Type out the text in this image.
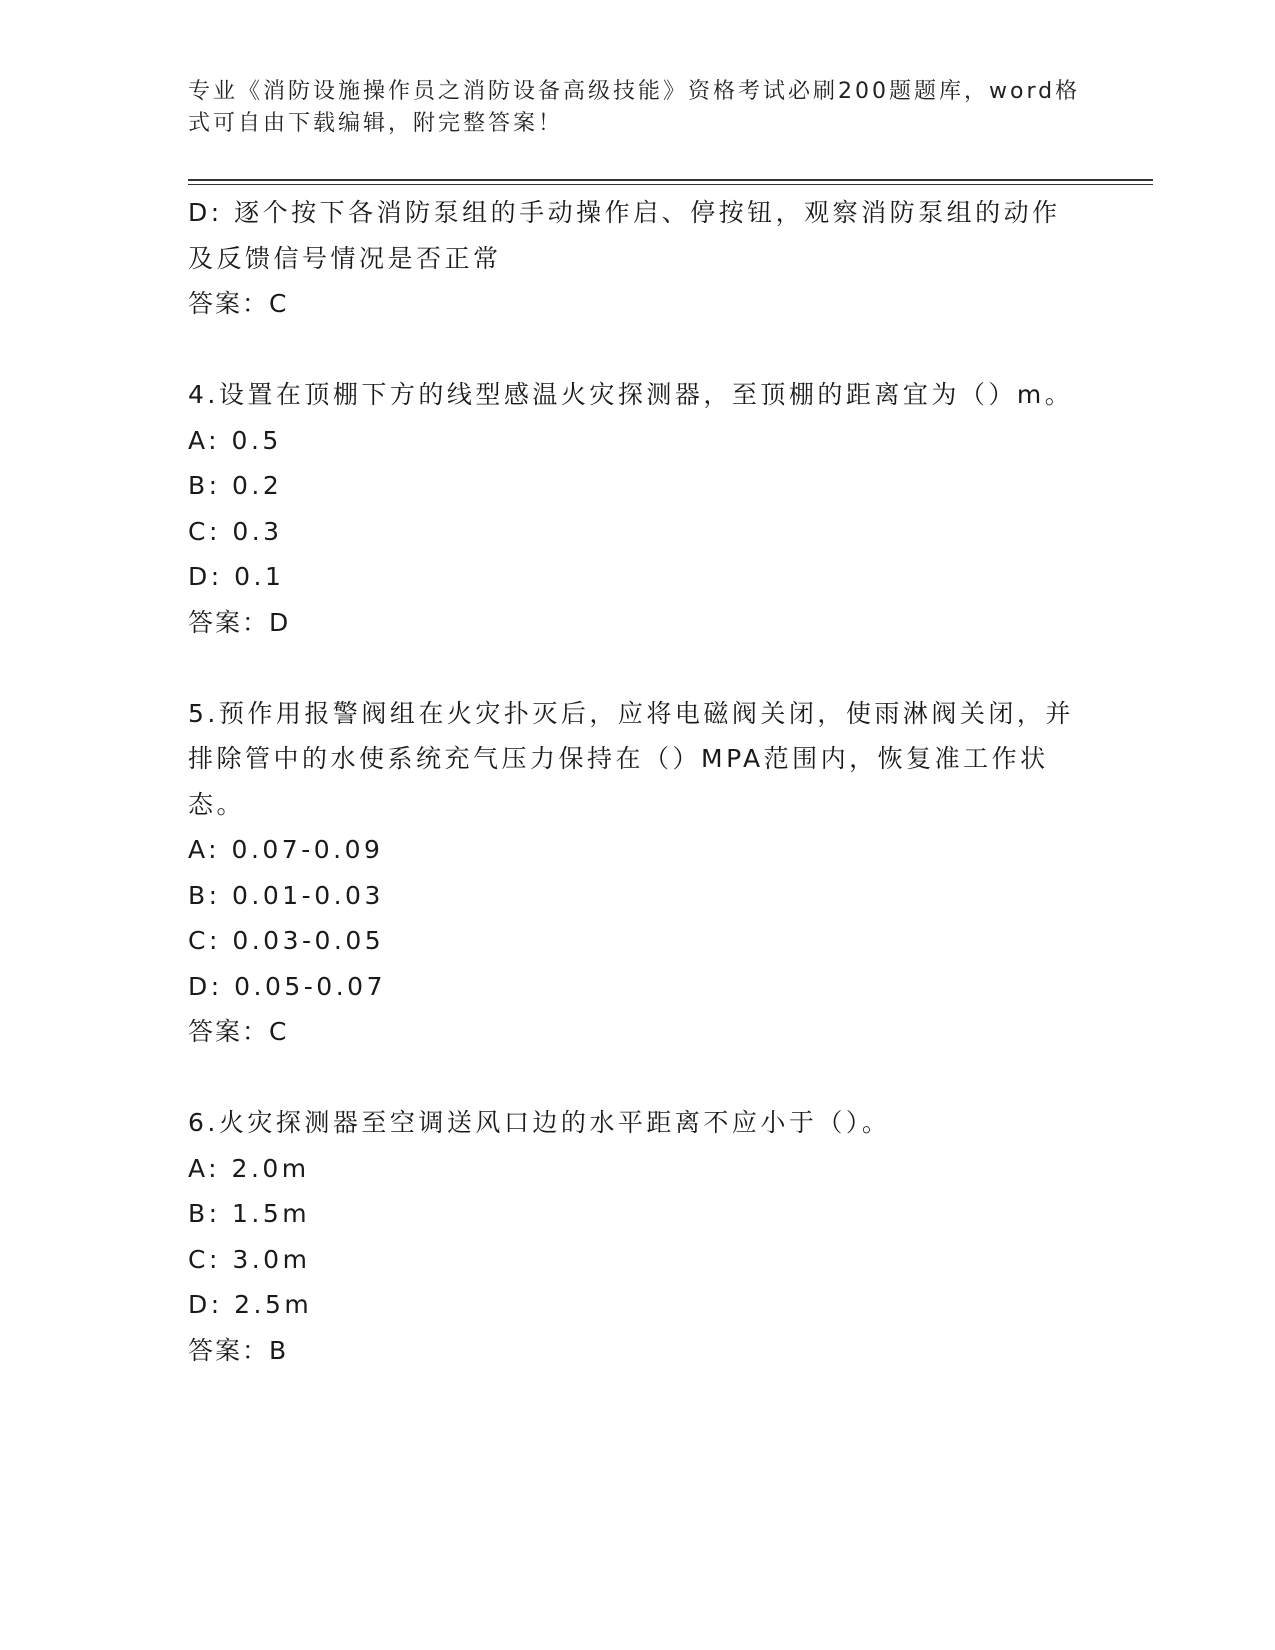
专业《消防设施操作员之消防设备高级技能》资格考试必刷200题题库，word格式可自由下载编辑，附完整答案！
D: 逐个按下各消防泵组的手动操作启、停按钮，观察消防泵组的动作及反馈信号情况是否正常
答案：C
4.设置在顶棚下方的线型感温火灾探测器，至顶棚的距离宜为（）m。
A: 0.5
B: 0.2
C: 0.3
D: 0.1
答案：D
5.预作用报警阀组在火灾扑灭后，应将电磁阀关闭，使雨淋阀关闭，并排除管中的水使系统充气压力保持在（）MPA范围内，恢复准工作状态。
A: 0.07-0.09
B: 0.01-0.03
C: 0.03-0.05
D: 0.05-0.07
答案：C
6.火灾探测器至空调送风口边的水平距离不应小于（）。
A: 2.0m
B: 1.5m
C: 3.0m
D: 2.5m
答案：B
